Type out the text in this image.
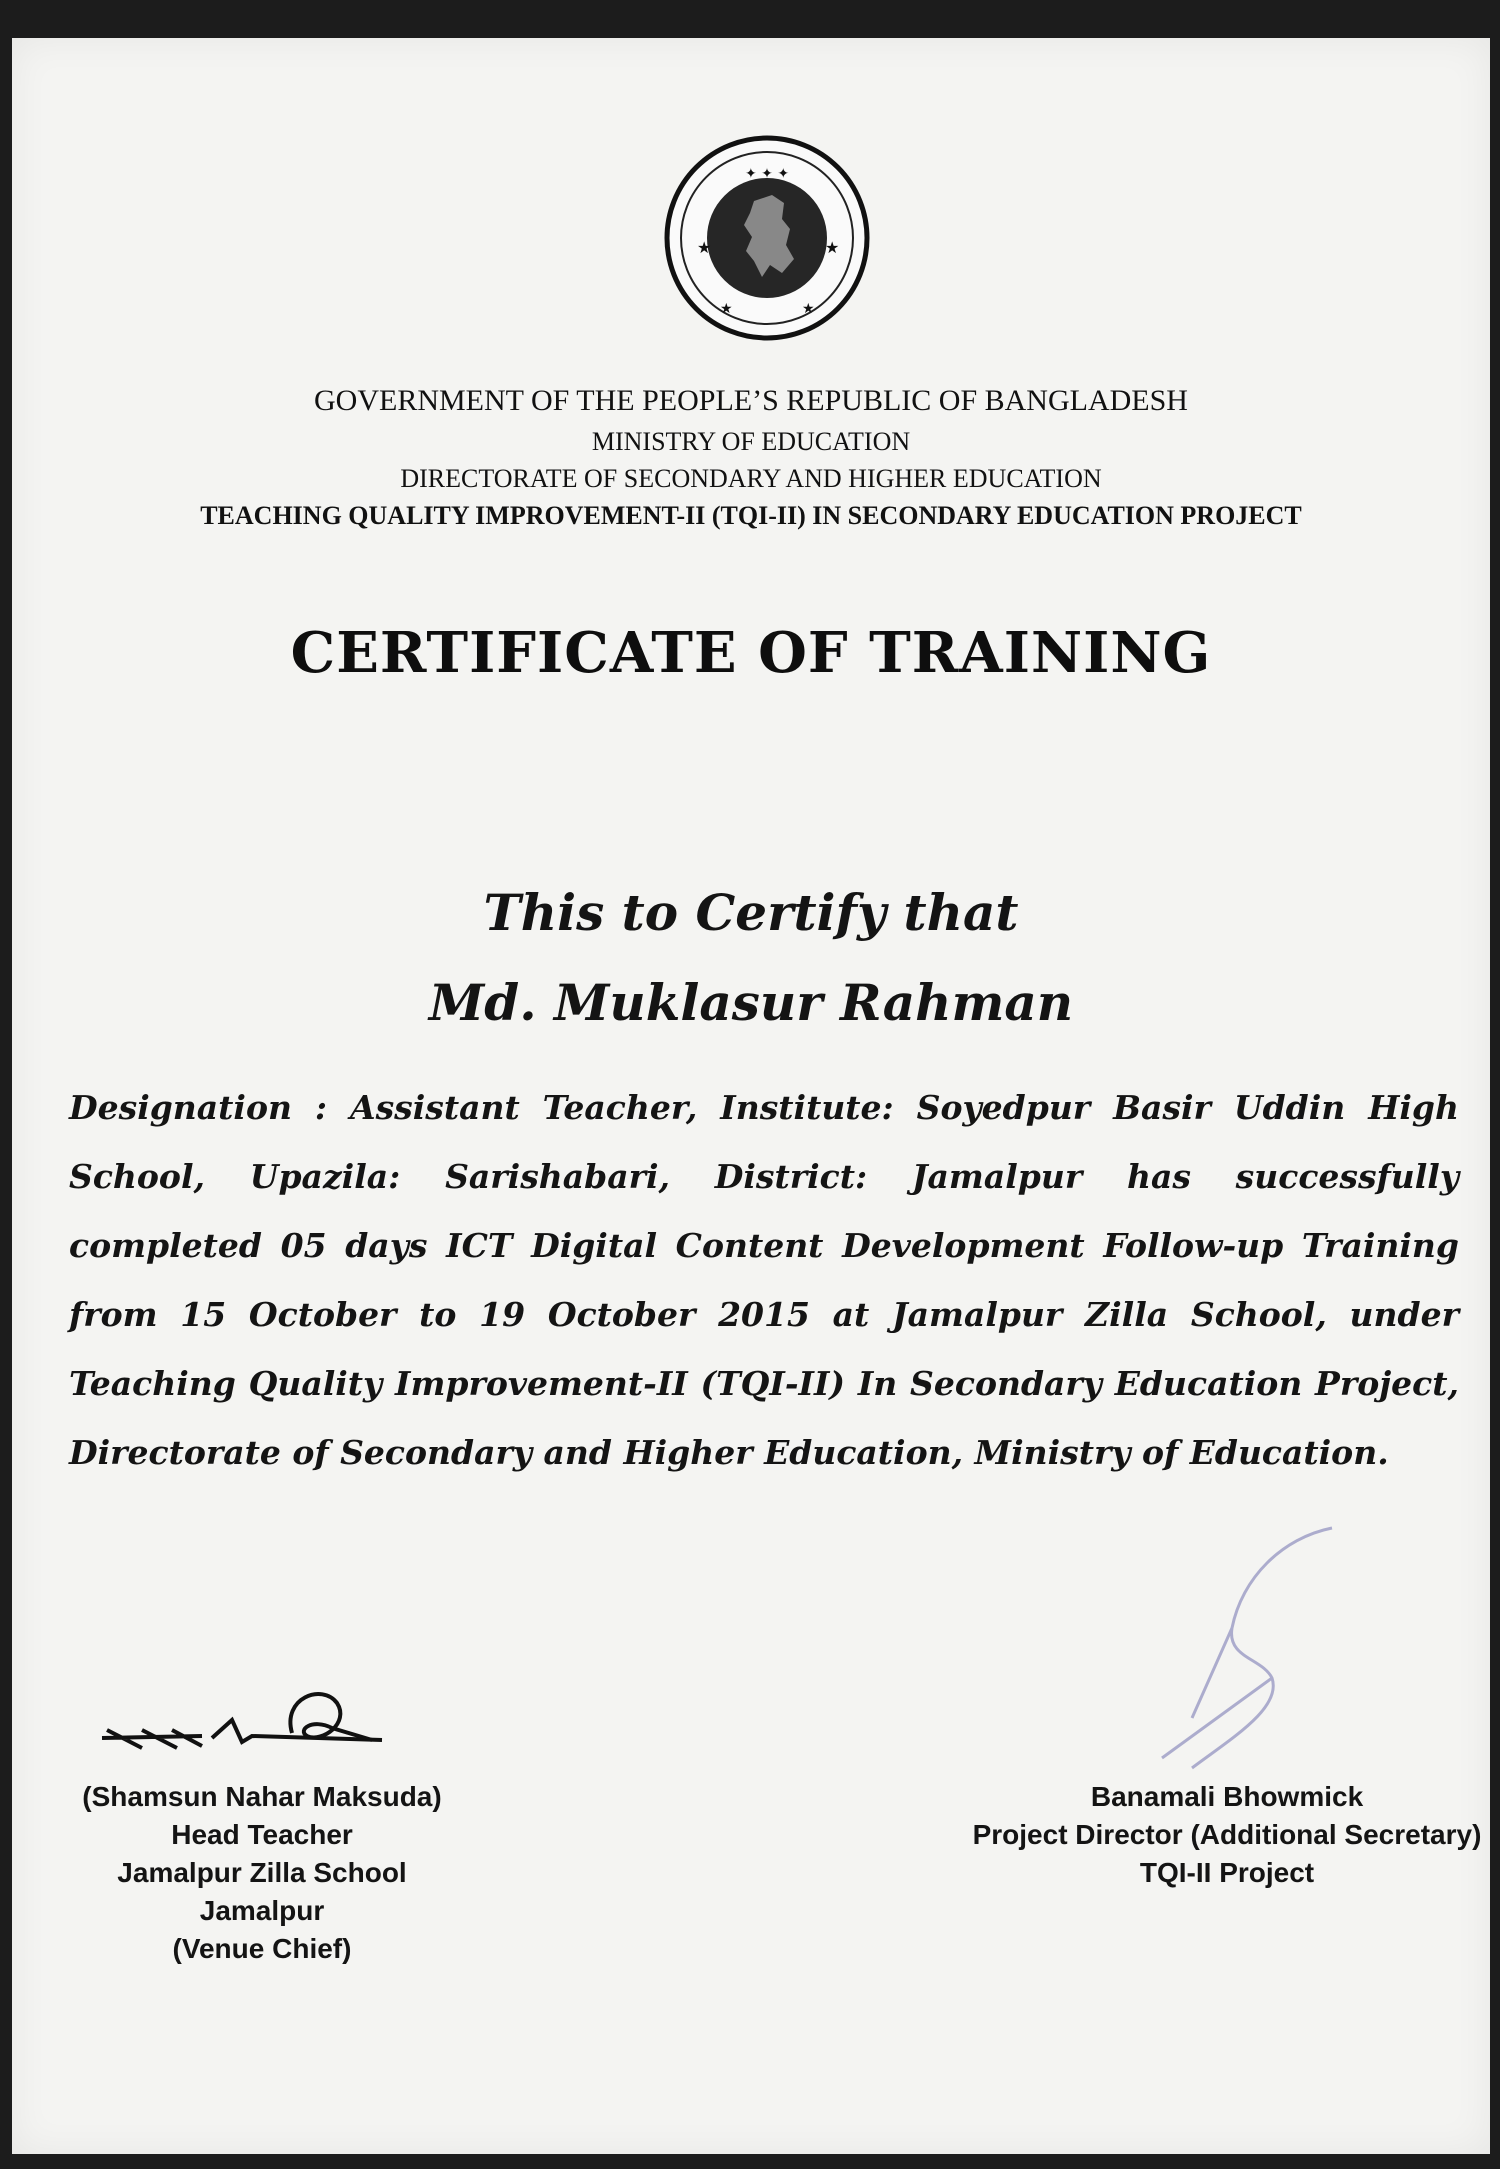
✦ ✦ ✦
★	★
★	★
GOVERNMENT OF THE PEOPLE’S REPUBLIC OF BANGLADESH
MINISTRY OF EDUCATION
DIRECTORATE OF SECONDARY AND HIGHER EDUCATION
TEACHING QUALITY IMPROVEMENT-II (TQI-II) IN SECONDARY EDUCATION PROJECT
CERTIFICATE OF TRAINING
This to Certify that
Md. Muklasur Rahman
Designation : Assistant Teacher, Institute: Soyedpur Basir Uddin High School, Upazila: Sarishabari, District: Jamalpur has successfully completed 05 days ICT Digital Content Development Follow-up Training from 15 October to 19 October 2015 at Jamalpur Zilla School, under Teaching Quality Improvement-II (TQI-II) In Secondary Education Project, Directorate of Secondary and Higher Education, Ministry of Education.
(Shamsun Nahar Maksuda)
Head Teacher
Jamalpur Zilla School
Jamalpur
(Venue Chief)
Banamali Bhowmick
Project Director (Additional Secretary)
TQI-II Project
